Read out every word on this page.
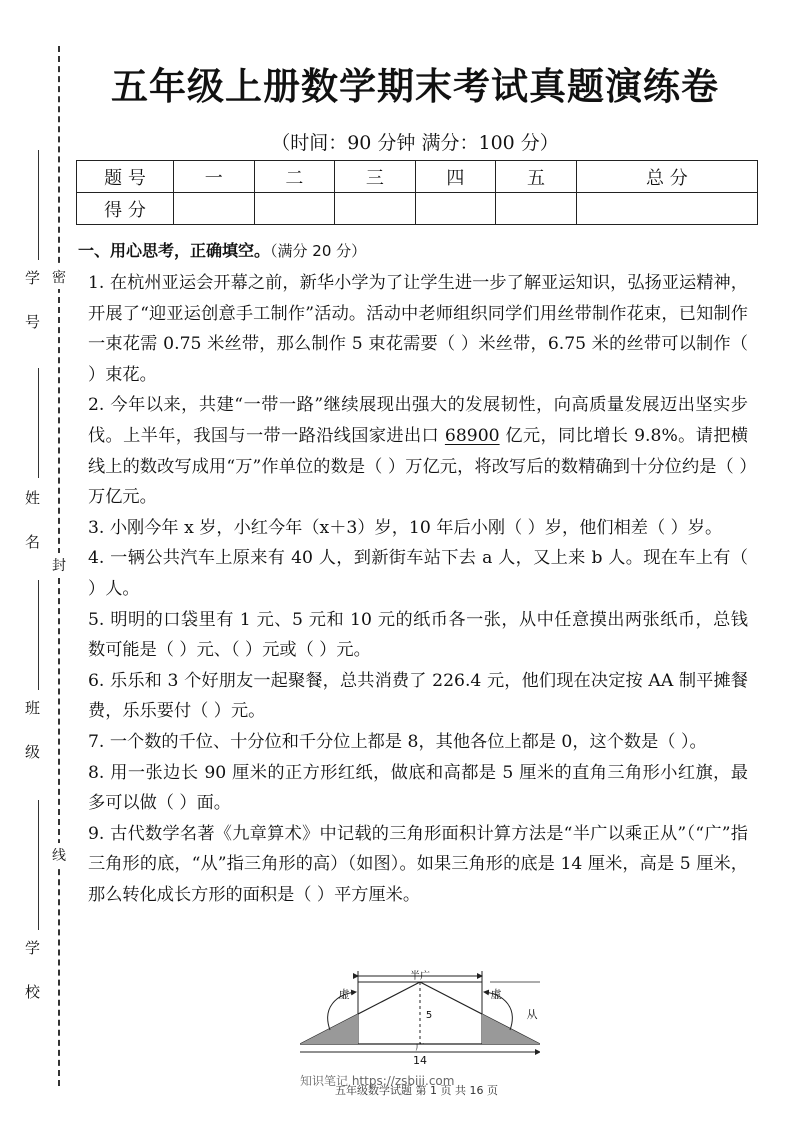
学 号
姓 名
班 级
学 校
密
封
线
五年级上册数学期末考试真题演练卷
（时间：90 分钟 满分：100 分）
题 号	一	二	三	四	五	总 分
得 分						
一、用心思考，正确填空。（满分 20 分）

1. 在杭州亚运会开幕之前，新华小学为了让学生进一步了解亚运知识，弘扬亚运精神，开展了“迎亚运创意手工制作”活动。活动中老师组织同学们用丝带制作花束，已知制作一束花需 0.75 米丝带，那么制作 5 束花需要（ ）米丝带，6.75 米的丝带可以制作（ ）束花。

2. 今年以来，共建“一带一路”继续展现出强大的发展韧性，向高质量发展迈出坚实步伐。上半年，我国与一带一路沿线国家进出口 68900 亿元，同比增长 9.8%。请把横线上的数改写成用“万”作单位的数是（ ）万亿元，将改写后的数精确到十分位约是（ ）万亿元。

3. 小刚今年 x 岁，小红今年（x＋3）岁，10 年后小刚（ ）岁，他们相差（ ）岁。

4. 一辆公共汽车上原来有 40 人，到新街车站下去 a 人，又上来 b 人。现在车上有（ ）人。

5. 明明的口袋里有 1 元、5 元和 10 元的纸币各一张，从中任意摸出两张纸币，总钱数可能是（ ）元、（ ）元或（ ）元。

6. 乐乐和 3 个好朋友一起聚餐，总共消费了 226.4 元，他们现在决定按 AA 制平摊餐费，乐乐要付（ ）元。

7. 一个数的千位、十分位和千分位上都是 8，其他各位上都是 0，这个数是（ ）。

8. 用一张边长 90 厘米的正方形红纸，做底和高都是 5 厘米的直角三角形小红旗，最多可以做（ ）面。

9. 古代数学名著《九章算术》中记载的三角形面积计算方法是“半广以乘正从”（“广”指三角形的底，“从”指三角形的高）（如图）。如果三角形的底是 14 厘米，高是 5 厘米，那么转化成长方形的面积是（ ）平方厘米。

半广
虚	虚
5	从
广
14
知识笔记 https://zsbiji.com
五年级数学试题 第 1 页 共 16 页
